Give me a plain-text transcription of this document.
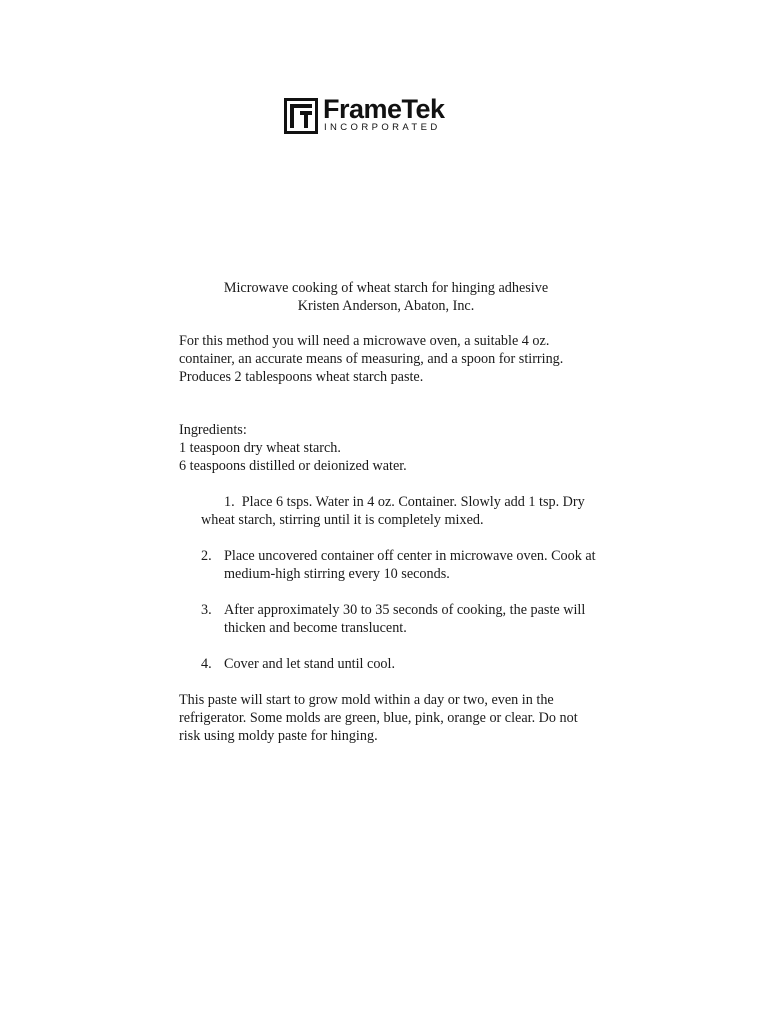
FrameTek
INCORPORATED
Microwave cooking of wheat starch for hinging adhesive
Kristen Anderson, Abaton, Inc.

For this method you will need a microwave oven, a suitable 4 oz. container, an accurate means of measuring, and a spoon for stirring. Produces 2 tablespoons wheat starch paste.

Ingredients:
1 teaspoon dry wheat starch.
6 teaspoons distilled or deionized water.
1. Place 6 tsps. Water in 4 oz. Container. Slowly add 1 tsp. Dry wheat starch, stirring until it is completely mixed.
2. Place uncovered container off center in microwave oven. Cook at medium-high stirring every 10 seconds.
3. After approximately 30 to 35 seconds of cooking, the paste will thicken and become translucent.
4. Cover and let stand until cool.

This paste will start to grow mold within a day or two, even in the refrigerator. Some molds are green, blue, pink, orange or clear. Do not risk using moldy paste for hinging.
